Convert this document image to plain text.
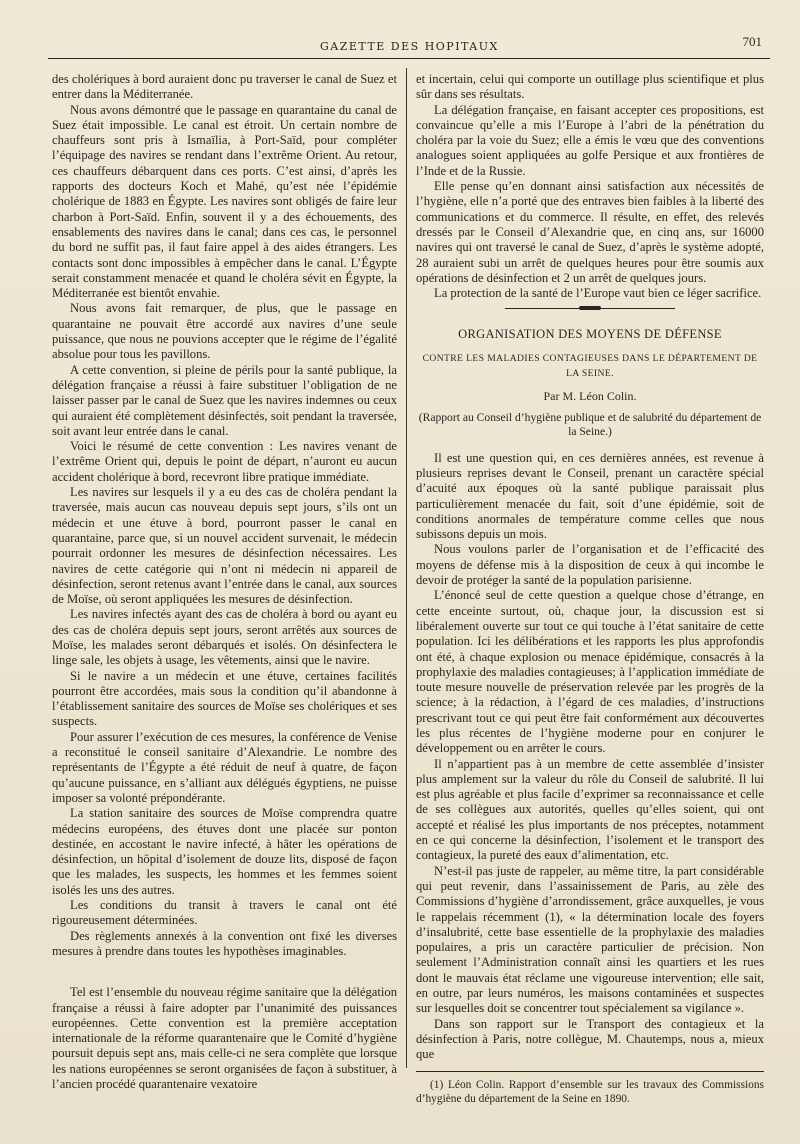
GAZETTE DES HOPITAUX	701

des cholériques à bord auraient donc pu traverser le canal de Suez et entrer dans la Méditerranée.

Nous avons démontré que le passage en quarantaine du canal de Suez était impossible. Le canal est étroit. Un certain nombre de chauffeurs sont pris à Ismaïlia, à Port-Saïd, pour compléter l’équipage des navires se rendant dans l’extrême Orient. Au retour, ces chauffeurs débarquent dans ces ports. C’est ainsi, d’après les rapports des docteurs Koch et Mahé, qu’est née l’épidémie cholérique de 1883 en Égypte. Les navires sont obligés de faire leur charbon à Port-Saïd. Enfin, souvent il y a des échouements, des ensablements des navires dans le canal; dans ces cas, le personnel du bord ne suffit pas, il faut faire appel à des aides étrangers. Les contacts sont donc impossibles à empêcher dans le canal. L’Égypte serait constamment menacée et quand le choléra sévit en Égypte, la Méditerranée est bientôt envahie.

Nous avons fait remarquer, de plus, que le passage en quarantaine ne pouvait être accordé aux navires d’une seule puissance, que nous ne pouvions accepter que le régime de l’égalité absolue pour tous les pavillons.

A cette convention, si pleine de périls pour la santé publique, la délégation française a réussi à faire substituer l’obligation de ne laisser passer par le canal de Suez que les navires indemnes ou ceux qui auraient été complètement désinfectés, soit pendant la traversée, soit avant leur entrée dans le canal.

Voici le résumé de cette convention : Les navires venant de l’extrême Orient qui, depuis le point de départ, n’auront eu aucun accident cholérique à bord, recevront libre pratique immédiate.

Les navires sur lesquels il y a eu des cas de choléra pendant la traversée, mais aucun cas nouveau depuis sept jours, s’ils ont un médecin et une étuve à bord, pourront passer le canal en quarantaine, parce que, si un nouvel accident survenait, le médecin pourrait ordonner les mesures de désinfection nécessaires. Les navires de cette catégorie qui n’ont ni médecin ni appareil de désinfection, seront retenus avant l’entrée dans le canal, aux sources de Moïse, où seront appliquées les mesures de désinfection.

Les navires infectés ayant des cas de choléra à bord ou ayant eu des cas de choléra depuis sept jours, seront arrêtés aux sources de Moïse, les malades seront débarqués et isolés. On désinfectera le linge sale, les objets à usage, les vêtements, ainsi que le navire.

Si le navire a un médecin et une étuve, certaines facilités pourront être accordées, mais sous la condition qu’il abandonne à l’établissement sanitaire des sources de Moïse ses cholériques et ses suspects.

Pour assurer l’exécution de ces mesures, la conférence de Venise a reconstitué le conseil sanitaire d’Alexandrie. Le nombre des représentants de l’Égypte a été réduit de neuf à quatre, de façon qu’aucune puissance, en s’alliant aux délégués égyptiens, ne puisse imposer sa volonté prépondérante.

La station sanitaire des sources de Moïse comprendra quatre médecins européens, des étuves dont une placée sur ponton destinée, en accostant le navire infecté, à hâter les opérations de désinfection, un hôpital d’isolement de douze lits, disposé de façon que les malades, les suspects, les hommes et les femmes soient isolés les uns des autres.

Les conditions du transit à travers le canal ont été rigoureusement déterminées.

Des règlements annexés à la convention ont fixé les diverses mesures à prendre dans toutes les hypothèses imaginables.

Tel est l’ensemble du nouveau régime sanitaire que la délégation française a réussi à faire adopter par l’unanimité des puissances européennes. Cette convention est la première acceptation internationale de la réforme quarantenaire que le Comité d’hygiène poursuit depuis sept ans, mais celle-ci ne sera complète que lorsque les nations européennes se seront organisées de façon à substituer, à l’ancien procédé quarantenaire vexatoire

et incertain, celui qui comporte un outillage plus scientifique et plus sûr dans ses résultats.

La délégation française, en faisant accepter ces propositions, est convaincue qu’elle a mis l’Europe à l’abri de la pénétration du choléra par la voie du Suez; elle a émis le vœu que des conventions analogues soient appliquées au golfe Persique et aux frontières de l’Inde et de la Russie.

Elle pense qu’en donnant ainsi satisfaction aux nécessités de l’hygiène, elle n’a porté que des entraves bien faibles à la liberté des communications et du commerce. Il résulte, en effet, des relevés dressés par le Conseil d’Alexandrie que, en cinq ans, sur 16000 navires qui ont traversé le canal de Suez, d’après le système adopté, 28 auraient subi un arrêt de quelques heures pour être soumis aux opérations de désinfection et 2 un arrêt de quelques jours.

La protection de la santé de l’Europe vaut bien ce léger sacrifice.

ORGANISATION DES MOYENS DE DÉFENSE
CONTRE LES MALADIES CONTAGIEUSES DANS LE DÉPARTEMENT DE LA SEINE.
Par M. Léon Colin.
(Rapport au Conseil d’hygiène publique et de salubrité du département de la Seine.)

Il est une question qui, en ces dernières années, est revenue à plusieurs reprises devant le Conseil, prenant un caractère spécial d’acuité aux époques où la santé publique paraissait plus particulièrement menacée du fait, soit d’une épidémie, soit de conditions anormales de température comme celles que nous subissons depuis un mois.

Nous voulons parler de l’organisation et de l’efficacité des moyens de défense mis à la disposition de ceux à qui incombe le devoir de protéger la santé de la population parisienne.

L’énoncé seul de cette question a quelque chose d’étrange, en cette enceinte surtout, où, chaque jour, la discussion est si libéralement ouverte sur tout ce qui touche à l’état sanitaire de cette population. Ici les délibérations et les rapports les plus approfondis ont été, à chaque explosion ou menace épidémique, consacrés à la prophylaxie des maladies contagieuses; à l’application immédiate de toute mesure nouvelle de préservation relevée par les progrès de la science; à la rédaction, à l’égard de ces maladies, d’instructions prescrivant tout ce qui peut être fait conformément aux découvertes les plus récentes de l’hygiène moderne pour en conjurer le développement ou en arrêter le cours.

Il n’appartient pas à un membre de cette assemblée d’insister plus amplement sur la valeur du rôle du Conseil de salubrité. Il lui est plus agréable et plus facile d’exprimer sa reconnaissance et celle de ses collègues aux autorités, quelles qu’elles soient, qui ont accepté et réalisé les plus importants de nos préceptes, notamment en ce qui concerne la désinfection, l’isolement et le transport des contagieux, la pureté des eaux d’alimentation, etc.

N’est-il pas juste de rappeler, au même titre, la part considérable qui peut revenir, dans l’assainissement de Paris, au zèle des Commissions d’hygiène d’arrondissement, grâce auxquelles, je vous le rappelais récemment (1), « la détermination locale des foyers d’insalubrité, cette base essentielle de la prophylaxie des maladies populaires, a pris un caractère particulier de précision. Non seulement l’Administration connaît ainsi les quartiers et les rues dont le mauvais état réclame une vigoureuse intervention; elle sait, en outre, par leurs numéros, les maisons contaminées et suspectes sur lesquelles doit se concentrer tout spécialement sa vigilance ».

Dans son rapport sur le Transport des contagieux et la désinfection à Paris, notre collègue, M. Chautemps, nous a, mieux que

(1) Léon Colin. Rapport d’ensemble sur les travaux des Commissions d’hygiène du département de la Seine en 1890.
